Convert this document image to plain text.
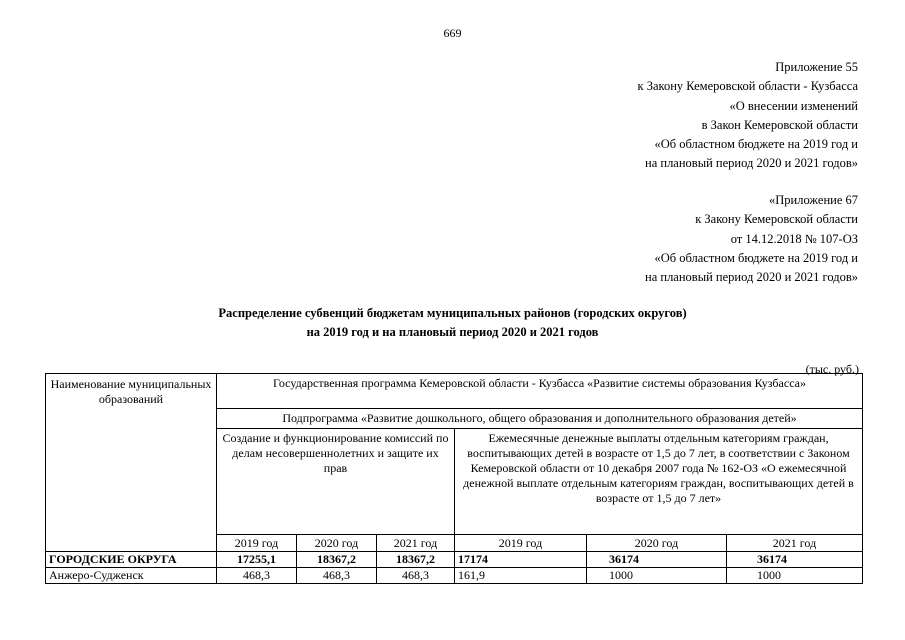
669
Приложение 55
к Закону Кемеровской области - Кузбасса
«О внесении изменений
в Закон Кемеровской области
«Об областном бюджете на 2019 год и
на плановый период 2020 и 2021 годов»
«Приложение 67
к Закону Кемеровской области
от 14.12.2018 № 107-ОЗ
«Об областном бюджете на 2019 год и
на плановый период 2020 и 2021 годов»
Распределение субвенций бюджетам муниципальных районов (городских округов)
на 2019 год и на плановый период 2020 и 2021 годов
(тыс. руб.)
Наименование муниципальных образований	Государственная программа Кемеровской области - Кузбасса «Развитие системы образования Кузбасса»					
	Подпрограмма «Развитие дошкольного, общего образования и дополнительного образования детей»					
	Создание и функционирование комиссий по делам несовершеннолетних и защите их прав			Ежемесячные денежные выплаты отдельным категориям граждан, воспитывающих детей в возрасте от 1,5 до 7 лет, в соответствии с Законом Кемеровской области от 10 декабря 2007 года № 162-ОЗ «О ежемесячной денежной выплате отдельным категориям граждан, воспитывающих детей в возрасте от 1,5 до 7 лет»		
	2019 год	2020 год	2021 год	2019 год	2020 год	2021 год
ГОРОДСКИЕ ОКРУГА	17255,1	18367,2	18367,2	17174	36174	36174
Анжеро-Судженск	468,3	468,3	468,3	161,9	1000	1000
